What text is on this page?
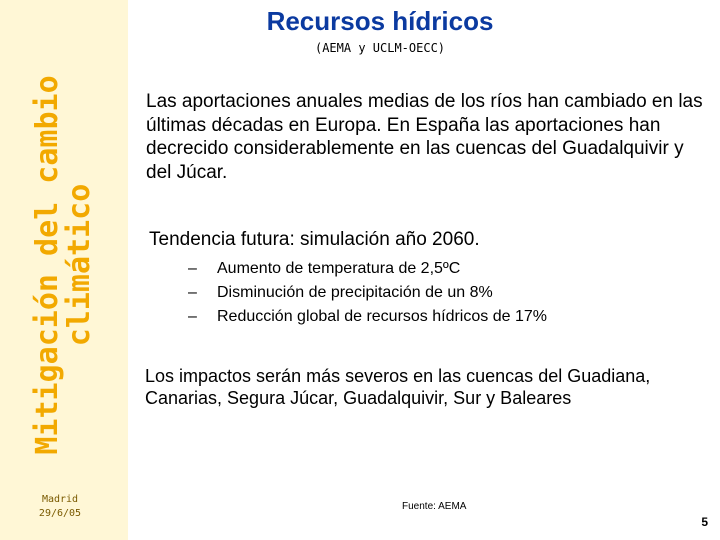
Mitigación del cambio
climático
Madrid
29/6/05
Recursos hídricos
(AEMA y UCLM-OECC)
Las aportaciones anuales medias de los ríos han cambiado en las últimas décadas en Europa. En España las aportaciones han decrecido considerablemente en las cuencas del Guadalquivir y del Júcar.
Tendencia futura: simulación año 2060.
– Aumento de temperatura de 2,5ºC
– Disminución de precipitación de un 8%
– Reducción global de recursos hídricos de 17%
Los impactos serán más severos en las cuencas del Guadiana, Canarias, Segura Júcar, Guadalquivir, Sur y Baleares
Fuente: AEMA
5
